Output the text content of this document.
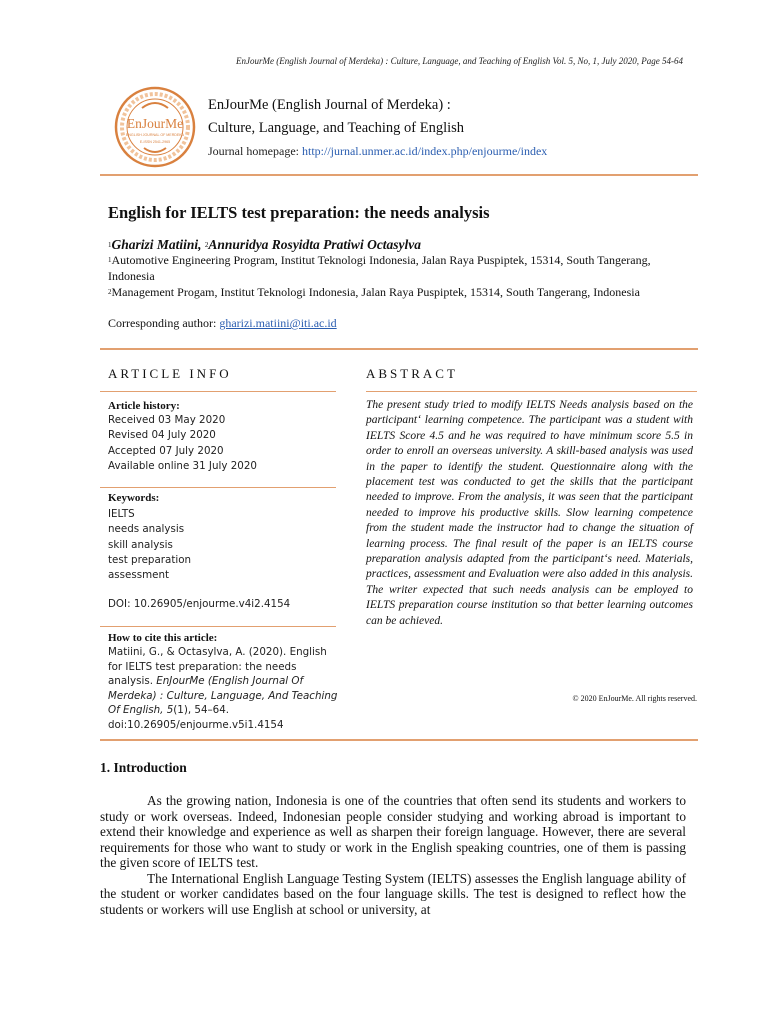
EnJourMe (English Journal of Merdeka) : Culture, Language, and Teaching of English Vol. 5, No, 1, July 2020, Page 54-64
EnJourMe
ENGLISH JOURNAL OF MERDEKA
E-ISSN 2541-2965
EnJourMe (English Journal of Merdeka) :
Culture, Language, and Teaching of English
Journal homepage: http://jurnal.unmer.ac.id/index.php/enjourme/index
English for IELTS test preparation: the needs analysis
$^1$Gharizi Matiini, $^2$Annuridya Rosyidta Pratiwi Octasylva
$^1$Automotive Engineering Program, Institut Teknologi Indonesia, Jalan Raya Puspiptek, 15314, South Tangerang, Indonesia
$^2$Management Progam, Institut Teknologi Indonesia, Jalan Raya Puspiptek, 15314, South Tangerang, Indonesia
Corresponding author: gharizi.matiini@iti.ac.id
ARTICLE INFO	ABSTRACT
Article history:
Received 03 May 2020
Revised 04 July 2020
Accepted 07 July 2020
Available online 31 July 2020
Keywords:
IELTS
needs analysis
skill analysis
test preparation
assessment
DOI: 10.26905/enjourme.v4i2.4154
How to cite this article:
Matiini, G., & Octasylva, A. (2020). English for IELTS test preparation: the needs analysis. EnJourMe (English Journal Of Merdeka) : Culture, Language, And Teaching Of English, 5(1), 54–64. doi:10.26905/enjourme.v5i1.4154
The present study tried to modify IELTS Needs analysis based on the participant‘ learning competence. The participant was a student with IELTS Score 4.5 and he was required to have minimum score 5.5 in order to enroll an overseas university. A skill-based analysis was used in the paper to identify the student. Questionnaire along with the placement test was conducted to get the skills that the participant needed to improve. From the analysis, it was seen that the participant needed to improve his productive skills. Slow learning competence from the student made the instructor had to change the situation of learning process. The final result of the paper is an IELTS course preparation analysis adapted from the participant‘s need. Materials, practices, assessment and Evaluation were also added in this analysis. The writer expected that such needs analysis can be employed to IELTS preparation course institution so that better learning outcomes can be achieved.
© 2020 EnJourMe. All rights reserved.
1. Introduction

As the growing nation, Indonesia is one of the countries that often send its students and workers to study or work overseas. Indeed, Indonesian people consider studying and working abroad is important to extend their knowledge and experience as well as sharpen their foreign language. However, there are several requirements for those who want to study or work in the English speaking countries, one of them is passing the given score of IELTS test.

The International English Language Testing System (IELTS) assesses the English language ability of the student or worker candidates based on the four language skills. The test is designed to reflect how the students or workers will use English at school or university, at
